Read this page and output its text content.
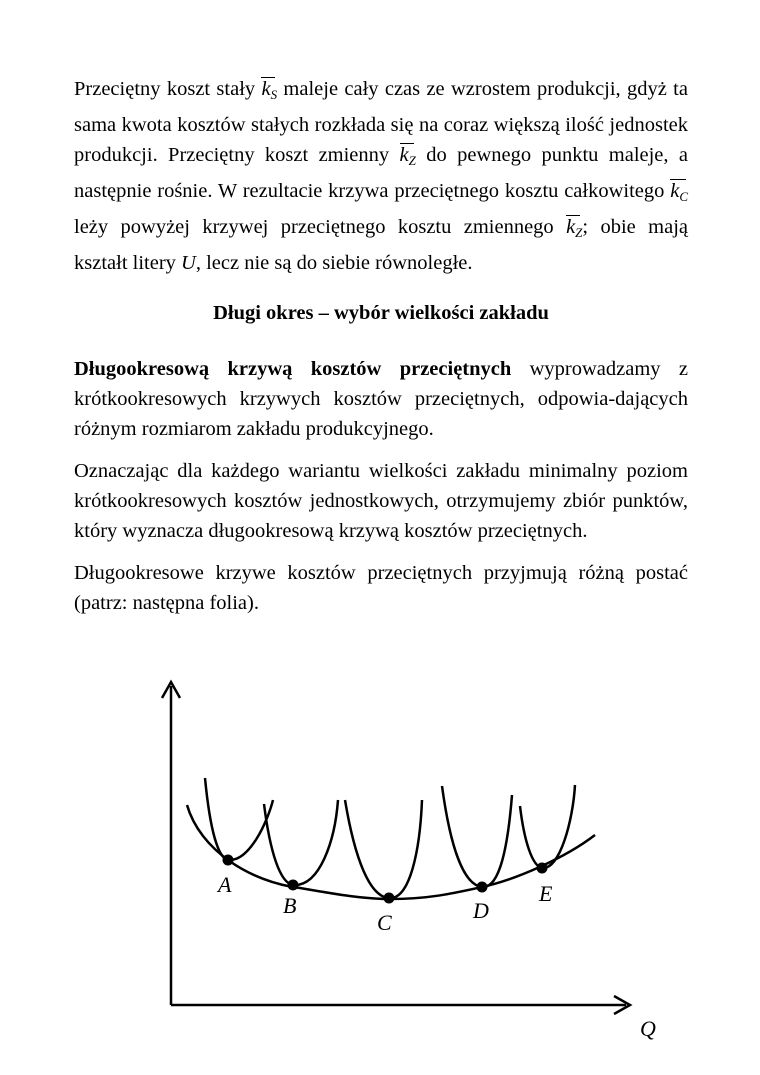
Przeciętny koszt stały
$k_S$ maleje cały czas ze wzrostem produkcji, gdyż ta sama kwota kosztów stałych rozkłada się na coraz większą ilość jednostek produkcji. Przeciętny koszt zmienny
$k_Z$ do pewnego punktu maleje, a następnie rośnie. W rezultacie krzywa przeciętnego kosztu całkowitego
$k_C$ leży powyżej krzywej przeciętnego kosztu zmiennego
$k_Z$; obie mają kształt litery U, lecz nie są do siebie równoległe.

Długi okres – wybór wielkości zakładu

Długookresową krzywą kosztów przeciętnych wyprowadzamy z krótkookresowych krzywych kosztów przeciętnych, odpowia-dających różnym rozmiarom zakładu produkcyjnego.

Oznaczając dla każdego wariantu wielkości zakładu minimalny poziom krótkookresowych kosztów jednostkowych, otrzymujemy zbiór punktów, który wyznacza długookresową krzywą kosztów przeciętnych.

Długookresowe krzywe kosztów przeciętnych przyjmują różną postać (patrz: następna folia).

Q
A
B
C	D
E
